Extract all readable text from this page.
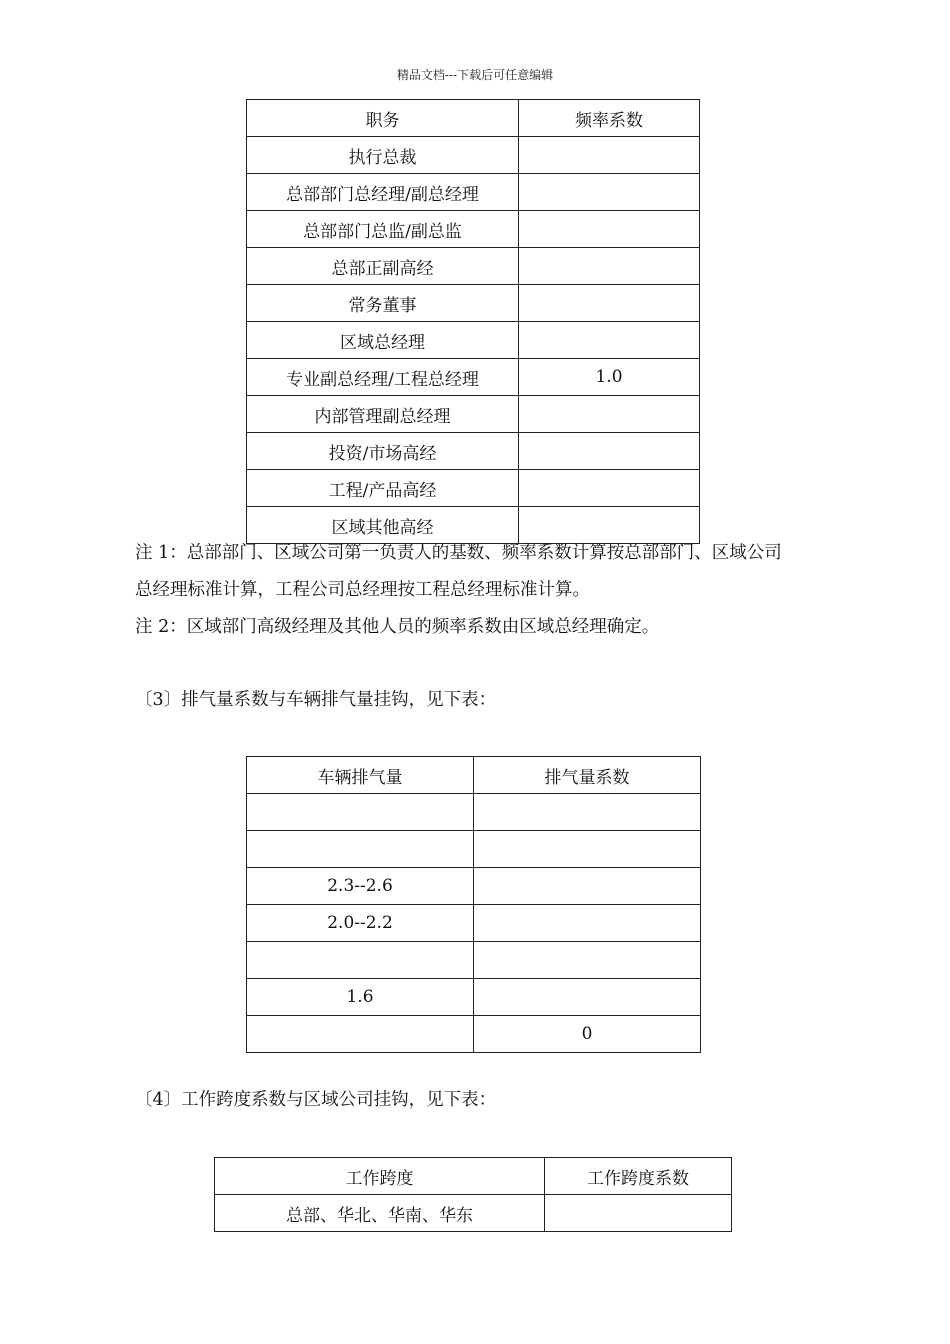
精品文档---下载后可任意编辑
职务	频率系数
执行总裁	
总部部门总经理/副总经理	
总部部门总监/副总监	
总部正副高经	
常务董事	
区域总经理	
专业副总经理/工程总经理	1.0
内部管理副总经理	
投资/市场高经	
工程/产品高经	
区域其他高经	
注 1：总部部门、区域公司第一负责人的基数、频率系数计算按总部部门、区域公司
总经理标准计算，工程公司总经理按工程总经理标准计算。
注 2：区域部门高级经理及其他人员的频率系数由区域总经理确定。
〔3〕排气量系数与车辆排气量挂钩，见下表：
车辆排气量	排气量系数

2.3--2.6	
2.0--2.2	

1.6	
	0
〔4〕工作跨度系数与区域公司挂钩，见下表：
工作跨度	工作跨度系数
总部、华北、华南、华东	
